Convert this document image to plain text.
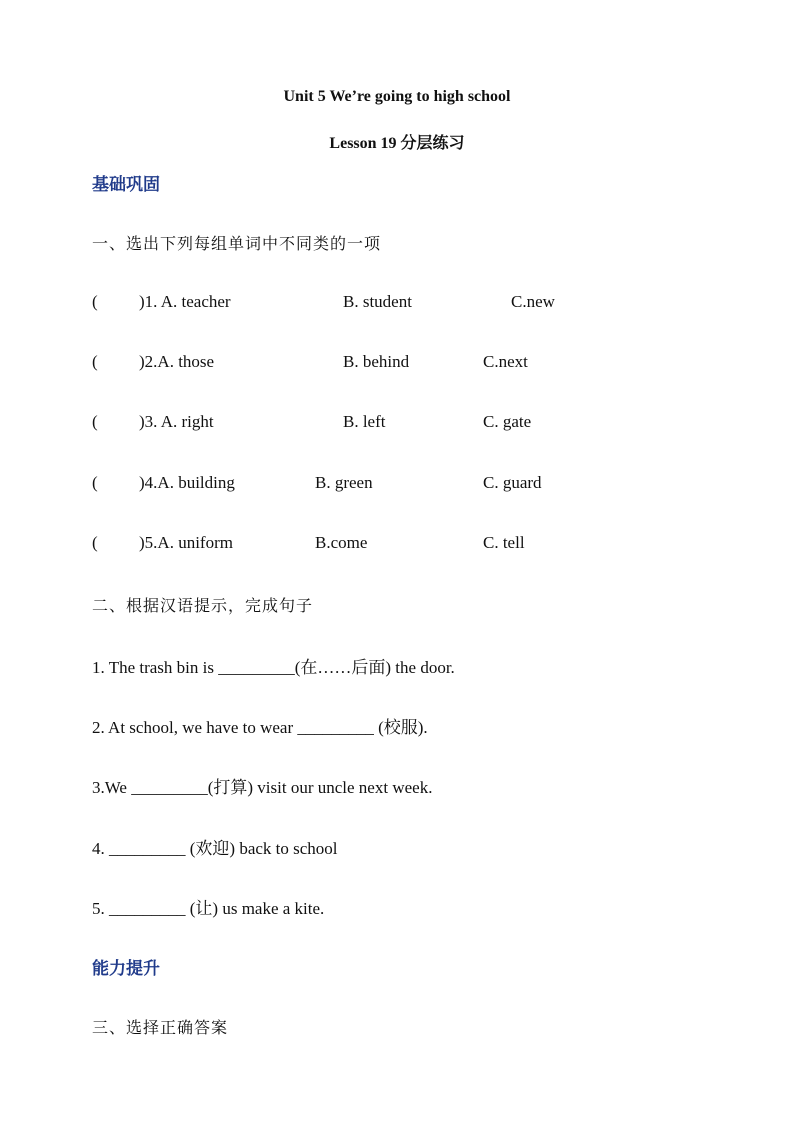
Unit 5 We’re going to high school
Lesson 19 分层练习
基础巩固
一、选出下列每组单词中不同类的一项
( )1. A. teacher	B. student	C.new
( )2.A. those	B. behind	C.next
( )3. A. right	B. left	C. gate
( )4.A. building	B. green	C. guard
( )5.A. uniform	B.come	C. tell
二、根据汉语提示，完成句子
1. The trash bin is _________(在……后面) the door.
2. At school, we have to wear _________ (校服).
3.We _________(打算) visit our uncle next week.
4. _________ (欢迎) back to school
5. _________ (让) us make a kite.
能力提升
三、选择正确答案
